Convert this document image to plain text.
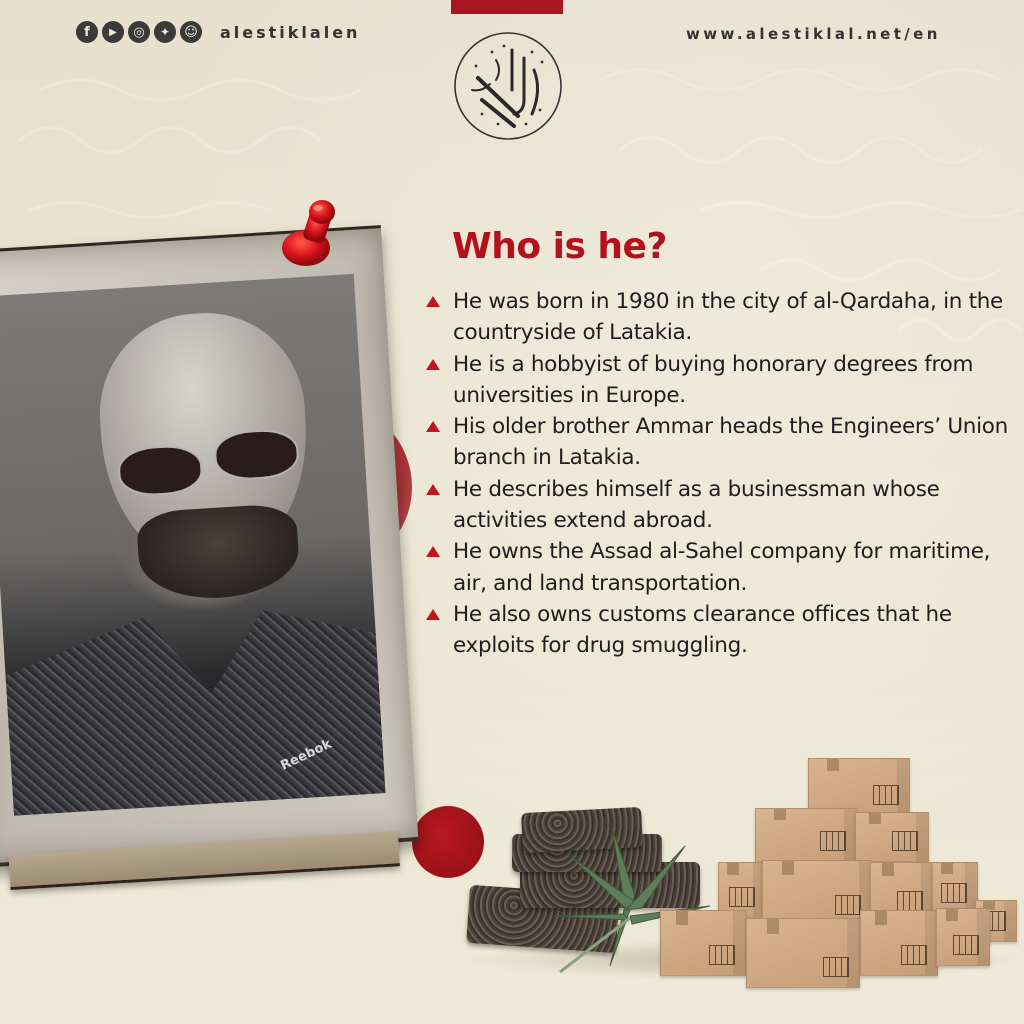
f	▶	◎	✦	☺ alestiklalen	www.alestiklal.net/en
Reebok
Who is he?
He was born in 1980 in the city of al-Qardaha, in the countryside of Latakia.
He is a hobbyist of buying honorary degrees from universities in Europe.
His older brother Ammar heads the Engineers’ Union branch in Latakia.
He describes himself as a businessman whose activities extend abroad.
He owns the Assad al-Sahel company for maritime, air, and land transportation.
He also owns customs clearance offices that he exploits for drug smuggling.
